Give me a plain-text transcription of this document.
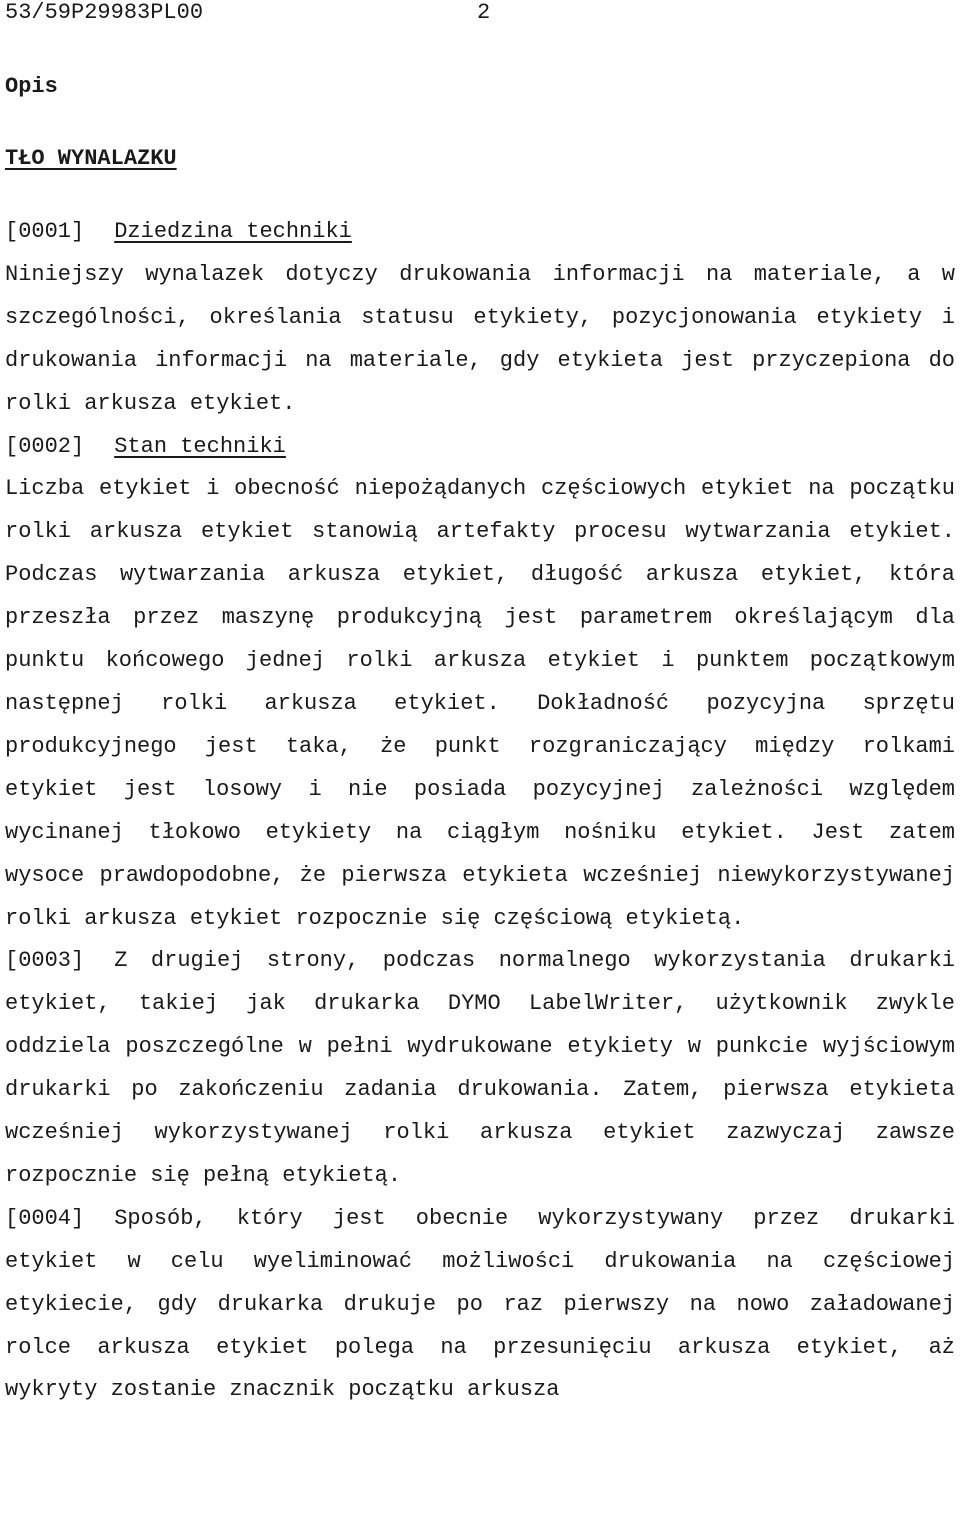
53/59P29983PL00	2
Opis
TŁO WYNALAZKU

[0001] Dziedzina techniki
Niniejszy wynalazek dotyczy drukowania informacji na materiale, a w szczególności, określania statusu etykiety, pozycjonowania etykiety i drukowania informacji na materiale, gdy etykieta jest przyczepiona do rolki arkusza etykiet.

[0002] Stan techniki
Liczba etykiet i obecność niepożądanych częściowych etykiet na początku rolki arkusza etykiet stanowią artefakty procesu wytwarzania etykiet. Podczas wytwarzania arkusza etykiet, długość arkusza etykiet, która przeszła przez maszynę produkcyjną jest parametrem określającym dla punktu końcowego jednej rolki arkusza etykiet i punktem początkowym następnej rolki arkusza etykiet. Dokładność pozycyjna sprzętu produkcyjnego jest taka, że punkt rozgraniczający między rolkami etykiet jest losowy i nie posiada pozycyjnej zależności względem wycinanej tłokowo etykiety na ciągłym nośniku etykiet. Jest zatem wysoce prawdopodobne, że pierwsza etykieta wcześniej niewykorzystywanej rolki arkusza etykiet rozpocznie się częściową etykietą.

[0003] Z drugiej strony, podczas normalnego wykorzystania drukarki etykiet, takiej jak drukarka DYMO LabelWriter, użytkownik zwykle oddziela poszczególne w pełni wydrukowane etykiety w punkcie wyjściowym drukarki po zakończeniu zadania drukowania. Zatem, pierwsza etykieta wcześniej wykorzystywanej rolki arkusza etykiet zazwyczaj zawsze rozpocznie się pełną etykietą.

[0004] Sposób, który jest obecnie wykorzystywany przez drukarki etykiet w celu wyeliminować możliwości drukowania na częściowej etykiecie, gdy drukarka drukuje po raz pierwszy na nowo załadowanej rolce arkusza etykiet polega na przesunięciu arkusza etykiet, aż wykryty zostanie znacznik początku arkusza
